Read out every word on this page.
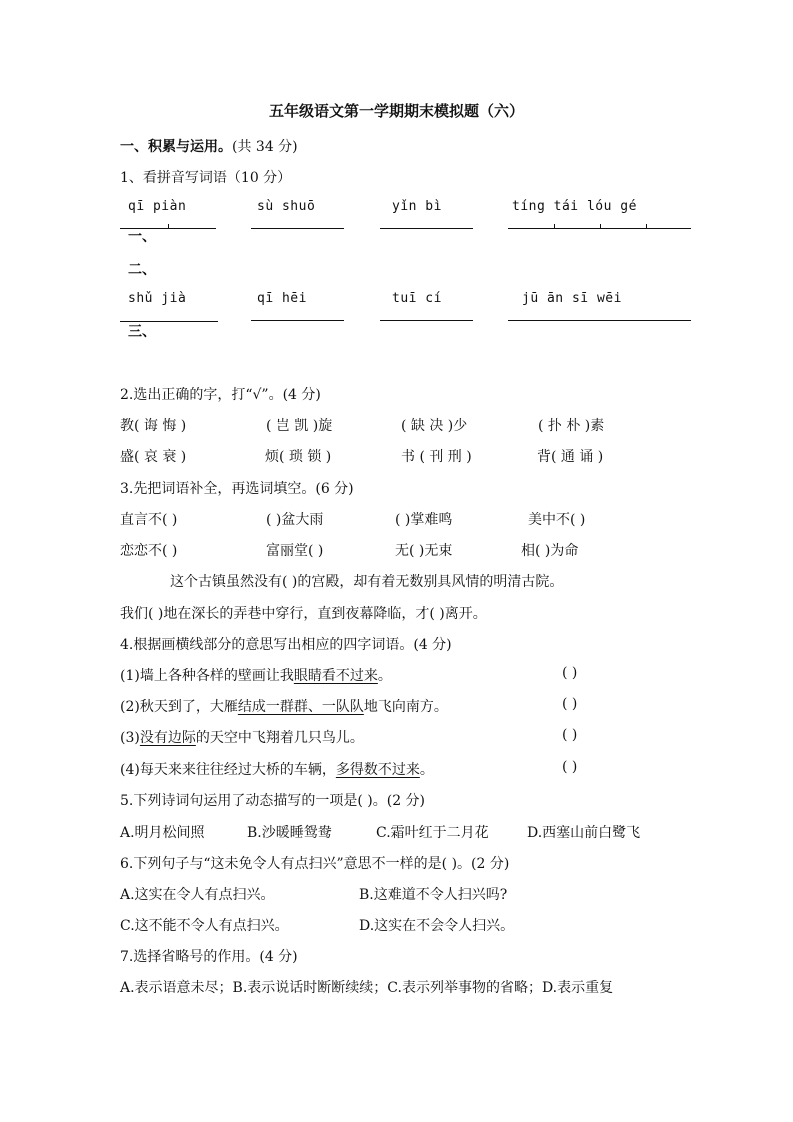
五年级语文第一学期期末模拟题（六）
一、积累与运用。(共 34 分)
1、看拼音写词语（10 分）
qī piàn	sù shuō	yǐn bì	tíng tái lóu gé
一、
二、
shǔ jià	qī hēi	tuī cí	jū ān sī wēi
三、
2.选出正确的字，打“√”。(4 分)
教( 诲 悔 )	( 岂 凯 )旋	( 缺 决 )少	( 扑 朴 )素
盛( 哀 衰 )	烦( 琐 锁 )	书 ( 刊 刑 )	背( 通 诵 )
3.先把词语补全，再选词填空。(6 分)
直言不( )	( )盆大雨	( )掌难鸣	美中不( )
恋恋不( )	富丽堂( )	无( )无束	相( )为命
这个古镇虽然没有( )的宫殿，却有着无数别具风情的明清古院。
我们( )地在深长的弄巷中穿行，直到夜幕降临，才( )离开。
4.根据画横线部分的意思写出相应的四字词语。(4 分)
(1)墙上各种各样的壁画让我眼睛看不过来。	( )
(2)秋天到了，大雁结成一群群、一队队地飞向南方。	( )
(3)没有边际的天空中飞翔着几只鸟儿。	( )
(4)每天来来往往经过大桥的车辆，多得数不过来。	( )
5.下列诗词句运用了动态描写的一项是( )。(2 分)
A.明月松间照	B.沙暖睡鸳鸯	C.霜叶红于二月花	D.西塞山前白鹭飞
6.下列句子与“这未免令人有点扫兴”意思不一样的是( )。(2 分)
A.这实在令人有点扫兴。	B.这难道不令人扫兴吗?
C.这不能不令人有点扫兴。	D.这实在不会令人扫兴。
7.选择省略号的作用。(4 分)
A.表示语意未尽；B.表示说话时断断续续；C.表示列举事物的省略；D.表示重复
